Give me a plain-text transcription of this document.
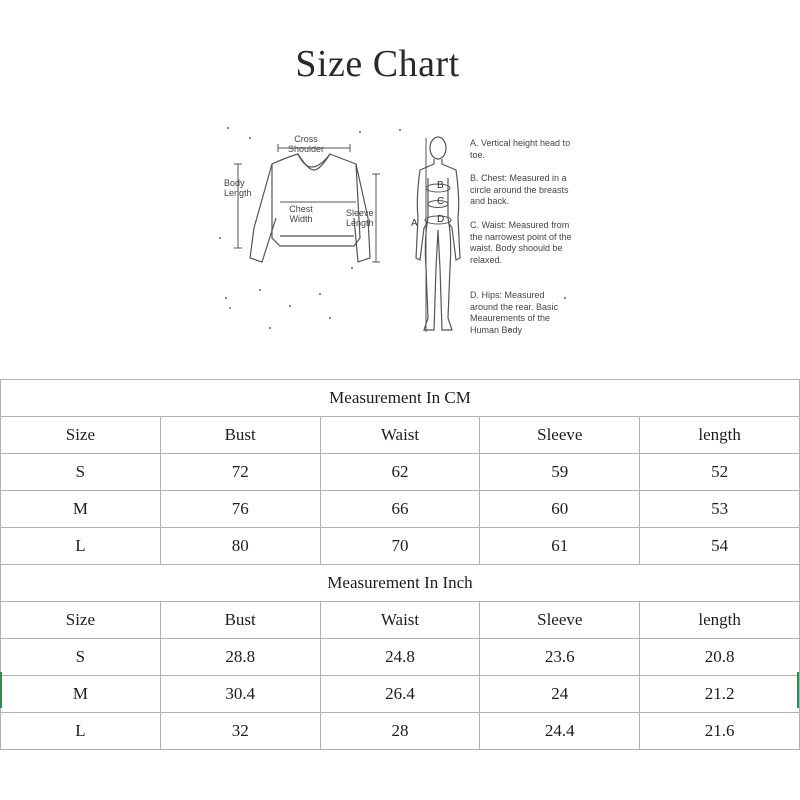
Size Chart
Cross
Shoulder
Body
Length
Chest
Width
Sleeve
Length	A
B
C
D
A. Vertical height head to toe.
B. Chest: Measured in a circle around the breasts and back.
C. Waist: Measured from the narrowest point of the waist. Body shoould be relaxed.
D. Hips: Measured around the rear. Basic Meaurements of the Human Body
Measurement In CM				
Size	Bust	Waist	Sleeve	length
S	72	62	59	52
M	76	66	60	53
L	80	70	61	54
Measurement In Inch				
Size	Bust	Waist	Sleeve	length
S	28.8	24.8	23.6	20.8
M	30.4	26.4	24	21.2
L	32	28	24.4	21.6
